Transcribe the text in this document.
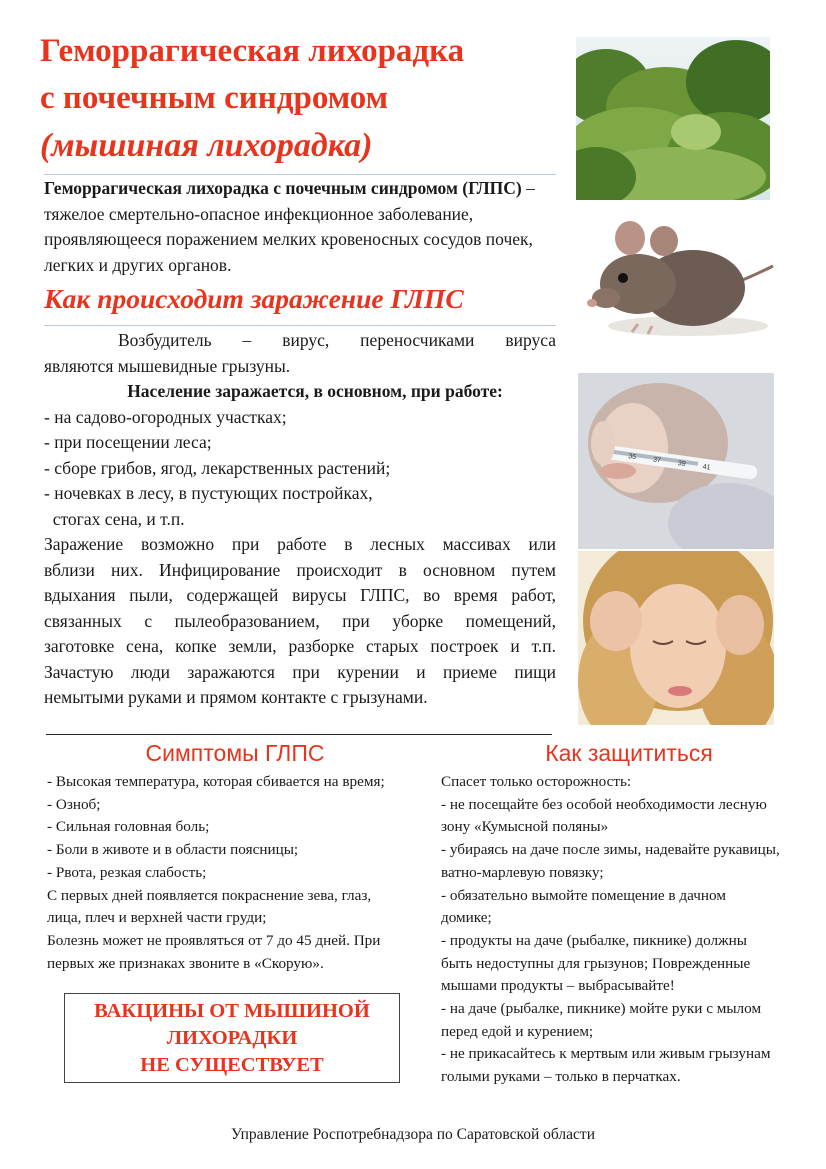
Геморрагическая лихорадка
с почечным синдромом
(мышиная лихорадка)
Геморрагическая лихорадка с почечным синдромом (ГЛПС) – тяжелое смертельно-опасное инфекционное заболевание, проявляющееся поражением мелких кровеносных сосудов почек, легких и других органов.
Как происходит заражение ГЛПС
Возбудитель – вирус, переносчиками вируса
являются мышевидные грызуны.
Население заражается, в основном, при работе:
- на садово-огородных участках;
- при посещении леса;
- сборе грибов, ягод, лекарственных растений;
- ночевках в лесу, в пустующих постройках,
стогах сена, и т.п.
Заражение возможно при работе в лесных массивах или
вблизи них. Инфицирование происходит в основном путем
вдыхания пыли, содержащей вирусы ГЛПС, во время работ,
связанных с пылеобразованием, при уборке помещений,
заготовке сена, копке земли, разборке старых построек и т.п.
Зачастую люди заражаются при курении и приеме пищи
немытыми руками и прямом контакте с грызунами.
35 37 39 41
Симптомы ГЛПС
- Высокая температура, которая сбивается на время;
- Озноб;
- Сильная головная боль;
- Боли в животе и в области поясницы;
- Рвота, резкая слабость;
С первых дней появляется покраснение зева, глаз,
лица, плеч и верхней части груди;
Болезнь может не проявляться от 7 до 45 дней. При
первых же признаках звоните в «Скорую».
Как защититься
Спасет только осторожность:
- не посещайте без особой необходимости лесную
зону «Кумысной поляны»
- убираясь на даче после зимы, надевайте рукавицы,
ватно-марлевую повязку;
- обязательно вымойте помещение в дачном
домике;
- продукты на даче (рыбалке, пикнике) должны
быть недоступны для грызунов; Поврежденные
мышами продукты – выбрасывайте!
- на даче (рыбалке, пикнике) мойте руки с мылом
перед едой и курением;
- не прикасайтесь к мертвым или живым грызунам
голыми руками – только в перчатках.
ВАКЦИНЫ ОТ МЫШИНОЙ
ЛИХОРАДКИ
НЕ СУЩЕСТВУЕТ
Управление Роспотребнадзора по Саратовской области
